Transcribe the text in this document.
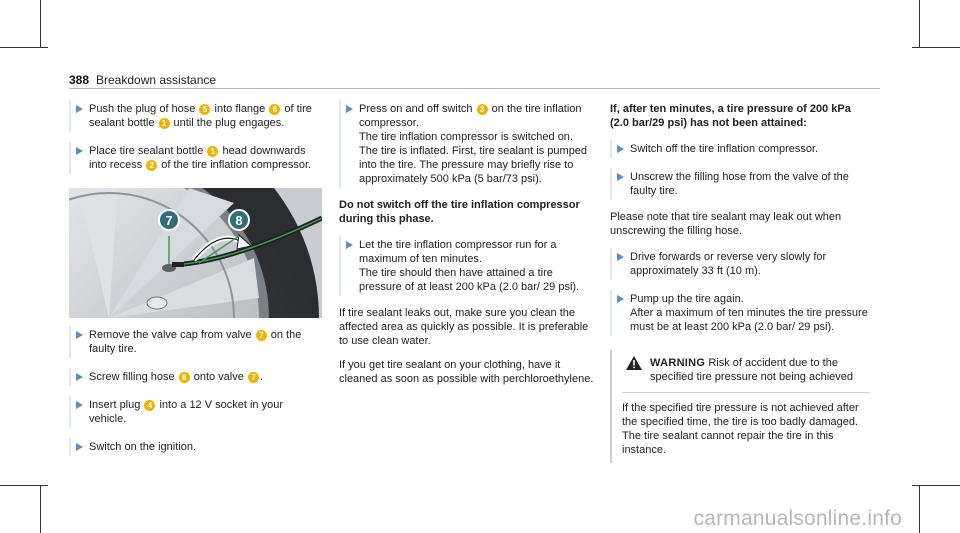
388 Breakdown assistance
Push the plug of hose 5 into flange 6 of tire sealant bottle 1 until the plug engages.
Place tire sealant bottle 1 head downwards into recess 2 of the tire inflation compressor.
7	8
Remove the valve cap from valve 7 on the faulty tire.
Screw filling hose 8 onto valve 7 .
Insert plug 4 into a 12 V socket in your vehicle.
Switch on the ignition.
Press on and off switch 3 on the tire inflation compressor.
The tire inflation compressor is switched on.
The tire is inflated. First, tire sealant is pumped into the tire. The pressure may briefly rise to approximately 500 kPa (5 bar/73 psi).
Do not switch off the tire inflation compressor during this phase.
Let the tire inflation compressor run for a maximum of ten minutes.
The tire should then have attained a tire pressure of at least 200 kPa (2.0 bar/ 29 psi).

If tire sealant leaks out, make sure you clean the affected area as quickly as possible. It is preferable to use clean water.

If you get tire sealant on your clothing, have it cleaned as soon as possible with perchloroethylene.

If, after ten minutes, a tire pressure of 200 kPa (2.0 bar/29 psi) has not been attained:
Switch off the tire inflation compressor.
Unscrew the filling hose from the valve of the faulty tire.

Please note that tire sealant may leak out when unscrewing the filling hose.

Drive forwards or reverse very slowly for approximately 33 ft (10 m).
Pump up the tire again.
After a maximum of ten minutes the tire pressure must be at least 200 kPa (2.0 bar/ 29 psi).
WARNING Risk of accident due to the specified tire pressure not being achieved
If the specified tire pressure is not achieved after the specified time, the tire is too badly damaged. The tire sealant cannot repair the tire in this instance.
carmanualsonline.info
